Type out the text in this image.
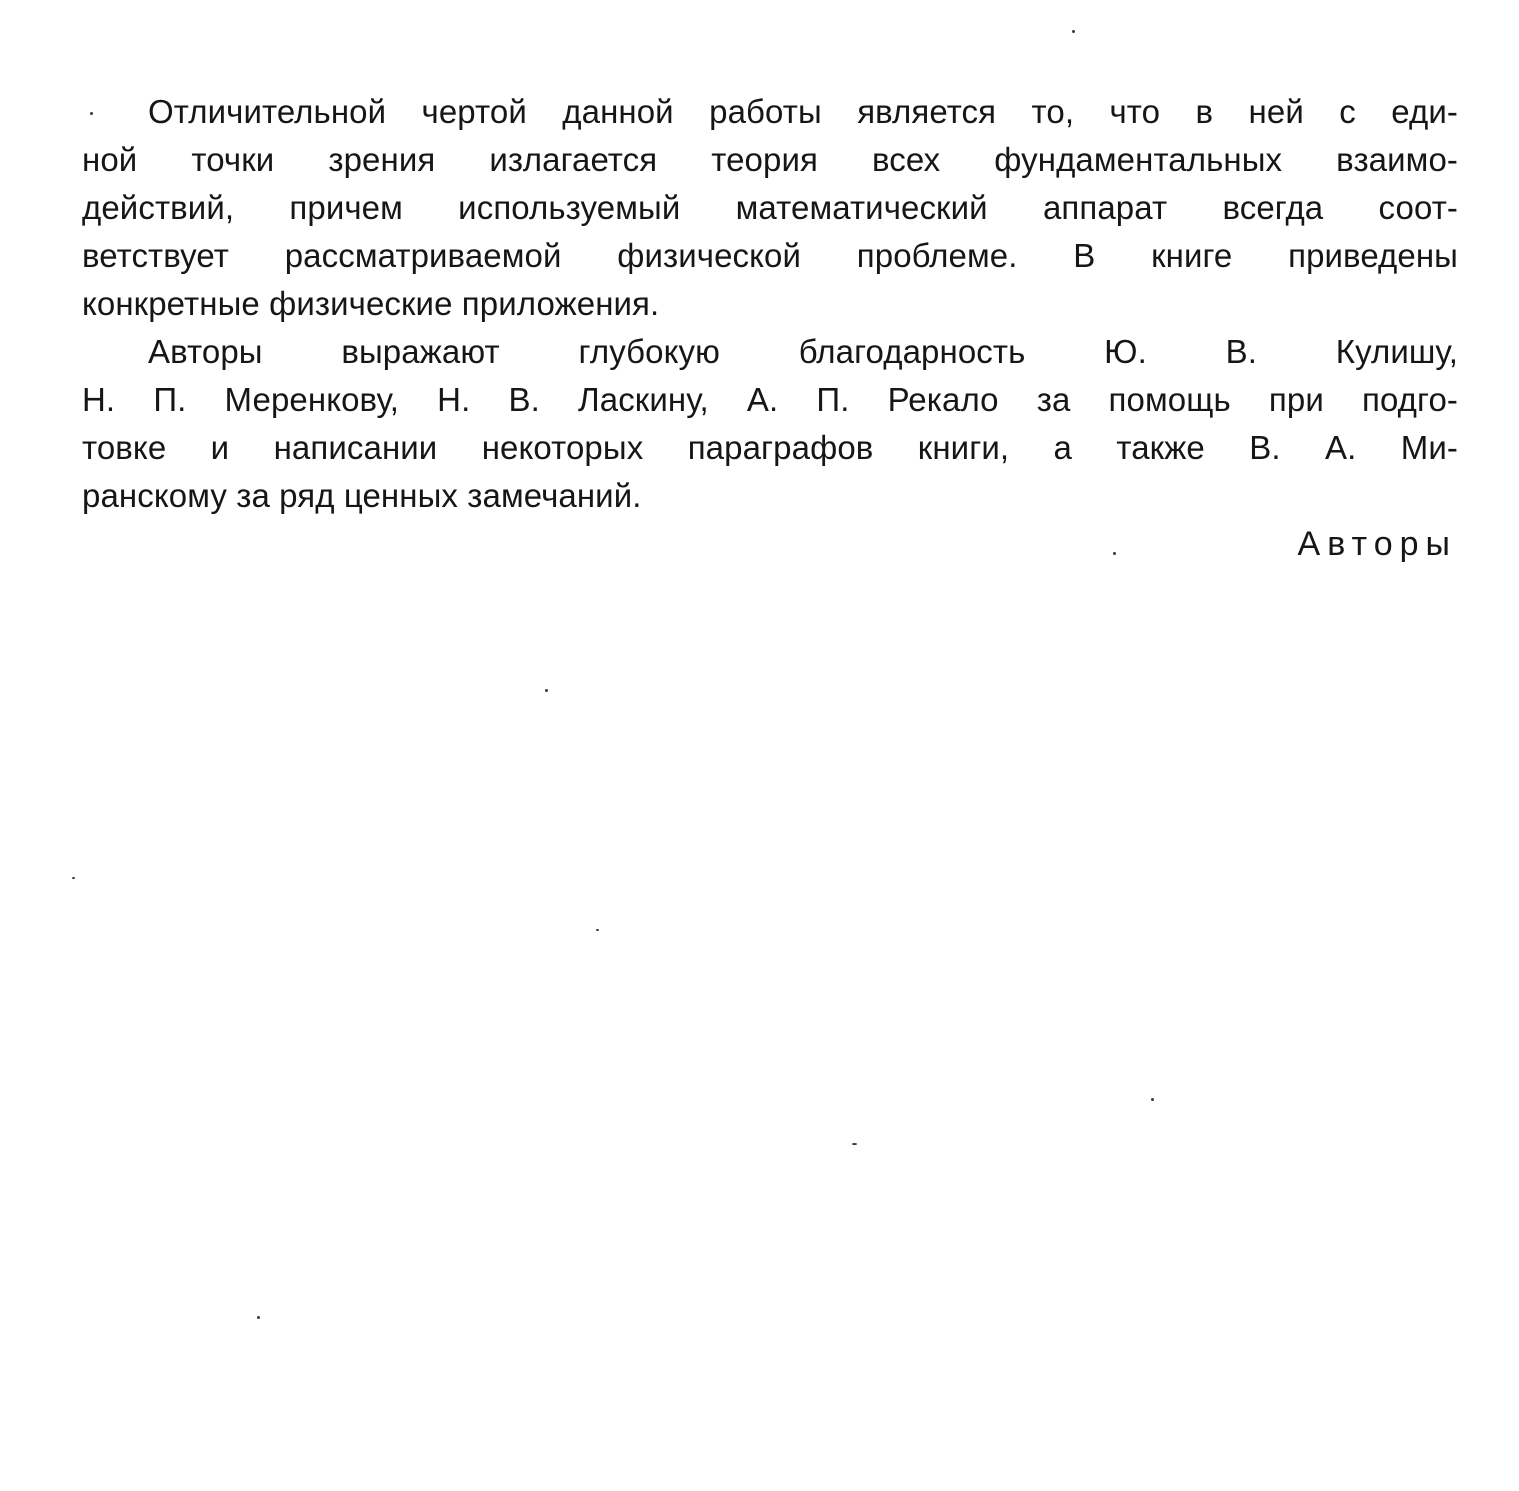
Отличительной чертой данной работы является то, что в ней с еди-
ной точки зрения излагается теория всех фундаментальных взаимо-
действий, причем используемый математический аппарат всегда соот-
ветствует рассматриваемой физической проблеме. В книге приведены
конкретные физические приложения.
Авторы выражают глубокую благодарность Ю. В. Кулишу,
Н. П. Меренкову, Н. В. Ласкину, А. П. Рекало за помощь при подго-
товке и написании некоторых параграфов книги, а также В. А. Ми-
ранскому за ряд ценных замечаний.
Авторы
